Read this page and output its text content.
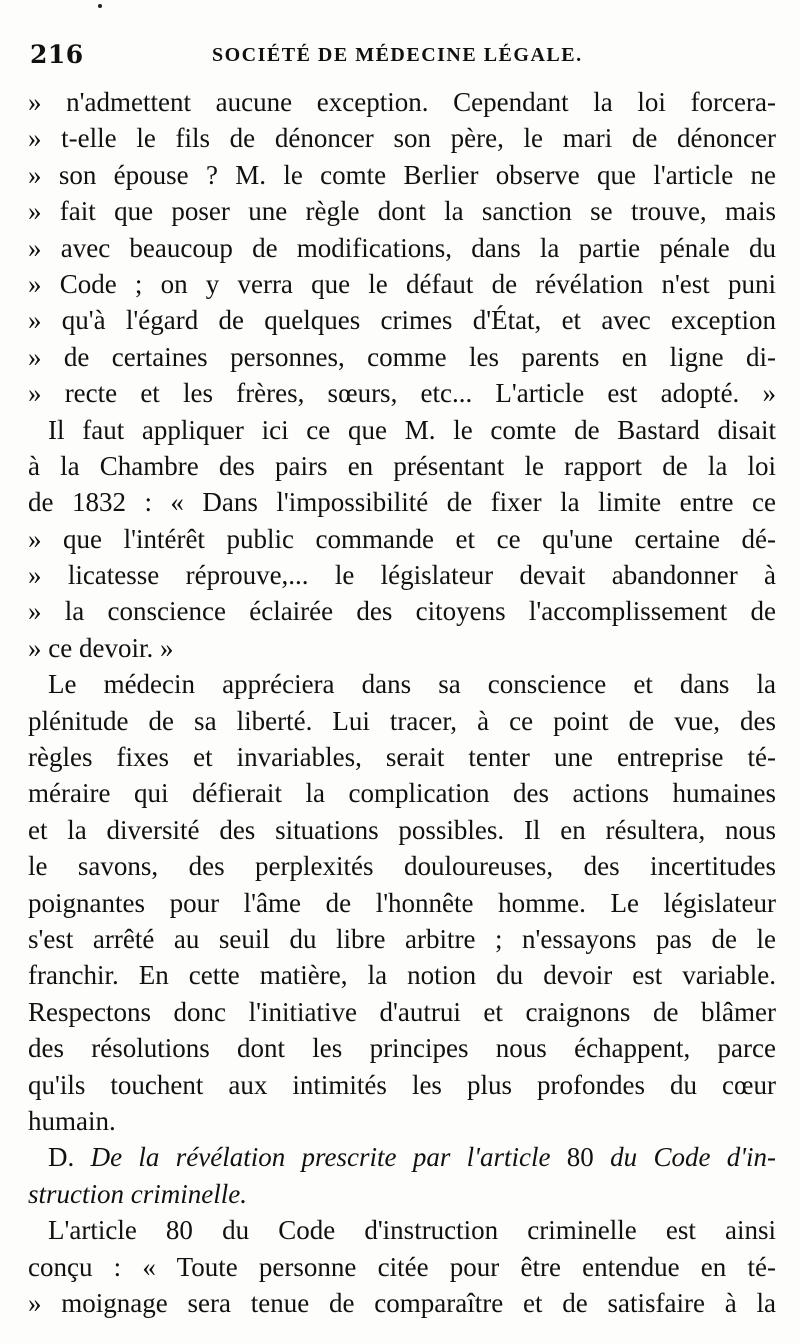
216	SOCIÉTÉ DE MÉDECINE LÉGALE.
» n'admettent aucune exception. Cependant la loi forcera-
» t-elle le fils de dénoncer son père, le mari de dénoncer
» son épouse ? M. le comte Berlier observe que l'article ne
» fait que poser une règle dont la sanction se trouve, mais
» avec beaucoup de modifications, dans la partie pénale du
» Code ; on y verra que le défaut de révélation n'est puni
» qu'à l'égard de quelques crimes d'État, et avec exception
» de certaines personnes, comme les parents en ligne di-
» recte et les frères, sœurs, etc... L'article est adopté. »
Il faut appliquer ici ce que M. le comte de Bastard disait
à la Chambre des pairs en présentant le rapport de la loi
de 1832 : « Dans l'impossibilité de fixer la limite entre ce
» que l'intérêt public commande et ce qu'une certaine dé-
» licatesse réprouve,... le législateur devait abandonner à
» la conscience éclairée des citoyens l'accomplissement de
» ce devoir. »
Le médecin appréciera dans sa conscience et dans la
plénitude de sa liberté. Lui tracer, à ce point de vue, des
règles fixes et invariables, serait tenter une entreprise té-
méraire qui défierait la complication des actions humaines
et la diversité des situations possibles. Il en résultera, nous
le savons, des perplexités douloureuses, des incertitudes
poignantes pour l'âme de l'honnête homme. Le législateur
s'est arrêté au seuil du libre arbitre ; n'essayons pas de le
franchir. En cette matière, la notion du devoir est variable.
Respectons donc l'initiative d'autrui et craignons de blâmer
des résolutions dont les principes nous échappent, parce
qu'ils touchent aux intimités les plus profondes du cœur
humain.
D. De la révélation prescrite par l'article 80 du Code d'in-
struction criminelle.
L'article 80 du Code d'instruction criminelle est ainsi
conçu : « Toute personne citée pour être entendue en té-
» moignage sera tenue de comparaître et de satisfaire à la
